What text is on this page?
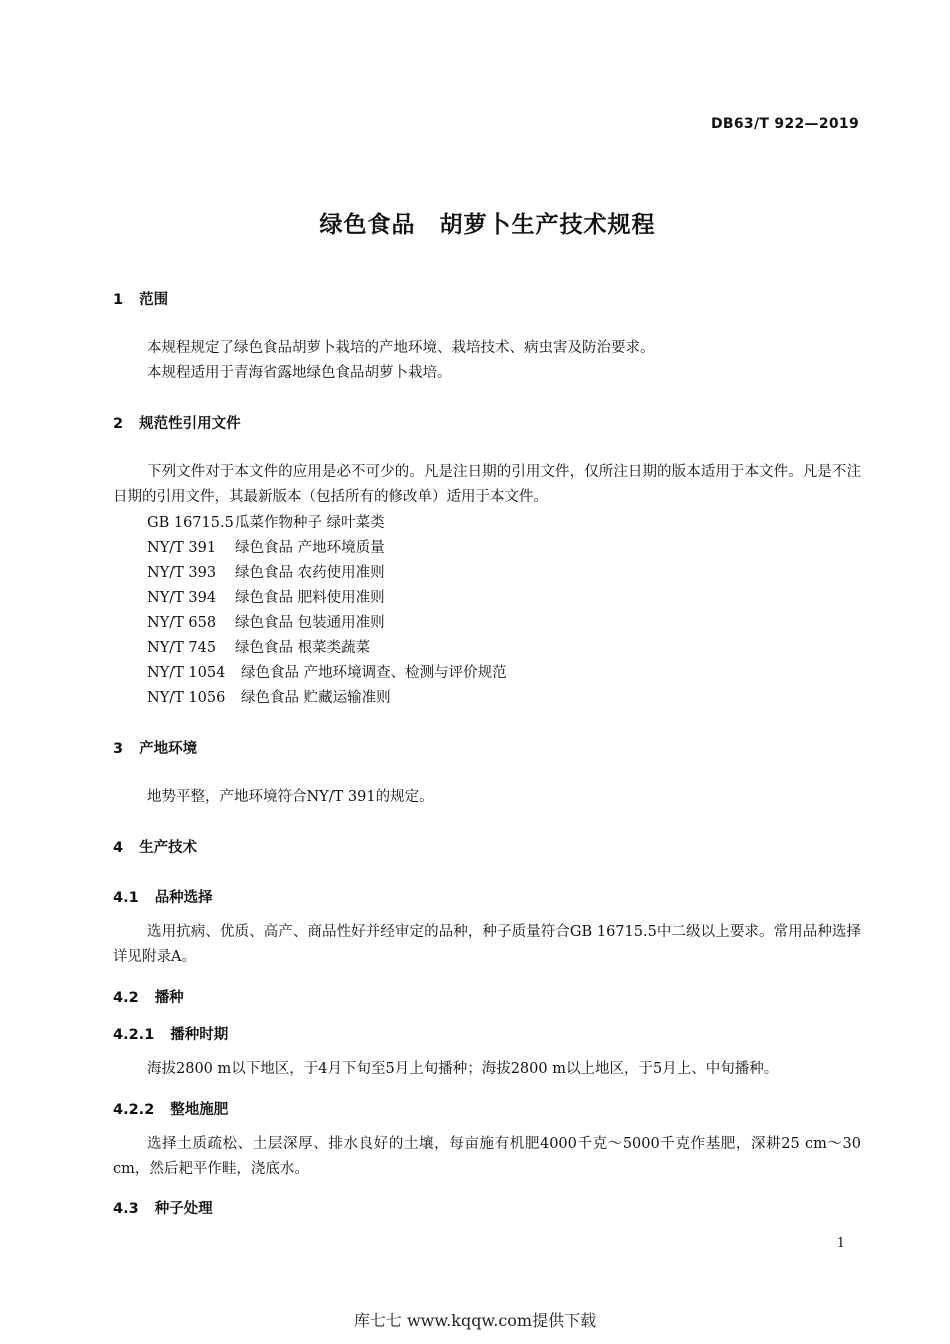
DB63/T 922—2019
绿色食品　胡萝卜生产技术规程
1 范围
本规程规定了绿色食品胡萝卜栽培的产地环境、栽培技术、病虫害及防治要求。
本规程适用于青海省露地绿色食品胡萝卜栽培。
2 规范性引用文件
下列文件对于本文件的应用是必不可少的。凡是注日期的引用文件，仅所注日期的版本适用于本文件。凡是不注日期的引用文件，其最新版本（包括所有的修改单）适用于本文件。
GB 16715.5瓜菜作物种子 绿叶菜类
NY/T 391 绿色食品 产地环境质量
NY/T 393 绿色食品 农药使用准则
NY/T 394 绿色食品 肥料使用准则
NY/T 658 绿色食品 包装通用准则
NY/T 745 绿色食品 根菜类蔬菜
NY/T 1054 绿色食品 产地环境调查、检测与评价规范
NY/T 1056 绿色食品 贮藏运输准则
3 产地环境
地势平整，产地环境符合NY/T 391的规定。
4 生产技术
4.1 品种选择
选用抗病、优质、高产、商品性好并经审定的品种，种子质量符合GB 16715.5中二级以上要求。常用品种选择详见附录A。
4.2 播种
4.2.1 播种时期
海拔2800 m以下地区，于4月下旬至5月上旬播种；海拔2800 m以上地区，于5月上、中旬播种。
4.2.2 整地施肥
选择土质疏松、土层深厚、排水良好的土壤，每亩施有机肥4000千克～5000千克作基肥，深耕25 cm～30 cm，然后耙平作畦，浇底水。
4.3 种子处理
1
库七七 www.kqqw.com提供下载
